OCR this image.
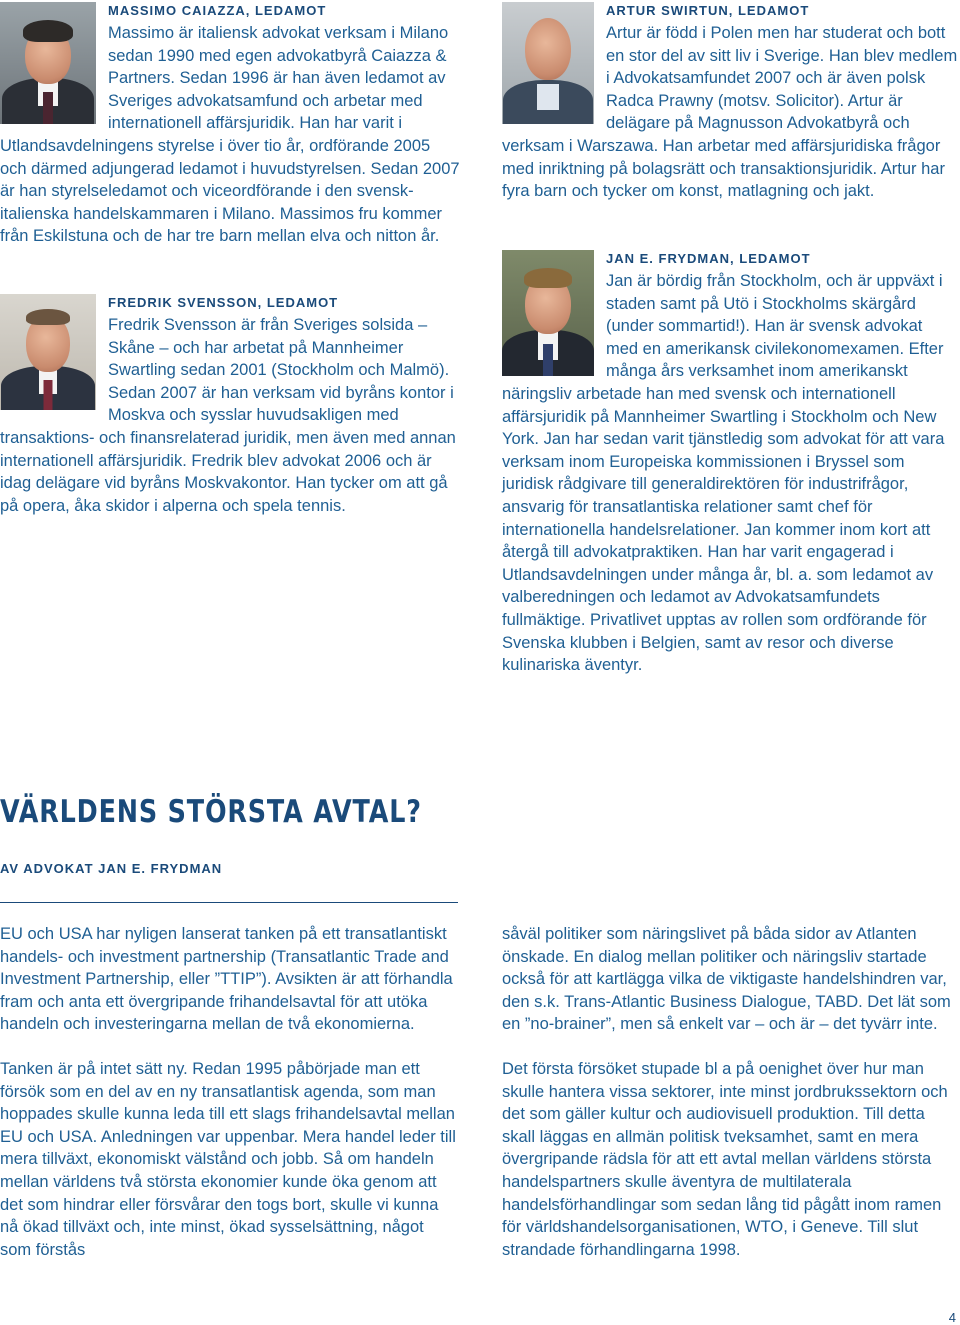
MASSIMO CAIAZZA, LEDAMOT

Massimo är italiensk advokat verksam i Milano sedan 1990 med egen advokatbyrå Caiazza & Partners. Sedan 1996 är han även ledamot av Sveriges advokatsamfund och arbetar med internationell affärsjuridik. Han har varit i Utlandsavdelningens styrelse i över tio år, ordförande 2005 och därmed adjungerad ledamot i huvudstyrelsen. Sedan 2007 är han styrelseledamot och viceordförande i den svensk-italienska handelskammaren i Milano. Massimos fru kommer från Eskilstuna och de har tre barn mellan elva och nitton år.

FREDRIK SVENSSON, LEDAMOT

Fredrik Svensson är från Sveriges solsida – Skåne – och har arbetat på Mannheimer Swartling sedan 2001 (Stockholm och Malmö). Sedan 2007 är han verksam vid byråns kontor i Moskva och sysslar huvudsakligen med transaktions- och finansrelaterad juridik, men även med annan internationell affärsjuridik. Fredrik blev advokat 2006 och är idag delägare vid byråns Moskvakontor. Han tycker om att gå på opera, åka skidor i alperna och spela tennis.

ARTUR SWIRTUN, LEDAMOT

Artur är född i Polen men har studerat och bott en stor del av sitt liv i Sverige. Han blev medlem i Advokatsamfundet 2007 och är även polsk Radca Prawny (motsv. Solicitor). Artur är delägare på Magnusson Advokatbyrå och verksam i Warszawa. Han arbetar med affärsjuridiska frågor med inriktning på bolagsrätt och transaktionsjuridik. Artur har fyra barn och tycker om konst, matlagning och jakt.

JAN E. FRYDMAN, LEDAMOT

Jan är bördig från Stockholm, och är uppväxt i staden samt på Utö i Stockholms skärgård (under sommartid!). Han är svensk advokat med en amerikansk civilekonomexamen. Efter många års verksamhet inom amerikanskt näringsliv arbetade han med svensk och internationell affärsjuridik på Mannheimer Swartling i Stockholm och New York. Jan har sedan varit tjänstledig som advokat för att vara verksam inom Europeiska kommissionen i Bryssel som juridisk rådgivare till generaldirektören för industrifrågor, ansvarig för transatlantiska relationer samt chef för internationella handelsrelationer. Jan kommer inom kort att återgå till advokatpraktiken. Han har varit engagerad i Utlandsavdelningen under många år, bl. a. som ledamot av valberedningen och ledamot av Advokatsamfundets fullmäktige. Privatlivet upptas av rollen som ordförande för Svenska klubben i Belgien, samt av resor och diverse kulinariska äventyr.

VÄRLDENS STÖRSTA AVTAL?

AV ADVOKAT JAN E. FRYDMAN

EU och USA har nyligen lanserat tanken på ett transatlantiskt handels- och investment partnership (Transatlantic Trade and Investment Partnership, eller ”TTIP”). Avsikten är att förhandla fram och anta ett övergripande frihandelsavtal för att utöka handeln och investeringarna mellan de två ekonomierna.

Tanken är på intet sätt ny. Redan 1995 påbörjade man ett försök som en del av en ny transatlantisk agenda, som man hoppades skulle kunna leda till ett slags frihandelsavtal mellan EU och USA. Anledningen var uppenbar. Mera handel leder till mera tillväxt, ekonomiskt välstånd och jobb. Så om handeln mellan världens två största ekonomier kunde öka genom att det som hindrar eller försvårar den togs bort, skulle vi kunna nå ökad tillväxt och, inte minst, ökad sysselsättning, något som förstås

såväl politiker som näringslivet på båda sidor av Atlanten önskade. En dialog mellan politiker och näringsliv startade också för att kartlägga vilka de viktigaste handelshindren var, den s.k. Trans-Atlantic Business Dialogue, TABD. Det lät som en ”no-brainer”, men så enkelt var – och är – det tyvärr inte.

Det första försöket stupade bl a på oenighet över hur man skulle hantera vissa sektorer, inte minst jordbrukssektorn och det som gäller kultur och audiovisuell produktion. Till detta skall läggas en allmän politisk tveksamhet, samt en mera övergripande rädsla för att ett avtal mellan världens största handelspartners skulle äventyra de multilaterala handelsförhandlingar som sedan lång tid pågått inom ramen för världshandelsorganisationen, WTO, i Geneve. Till slut strandade förhandlingarna 1998.

4
